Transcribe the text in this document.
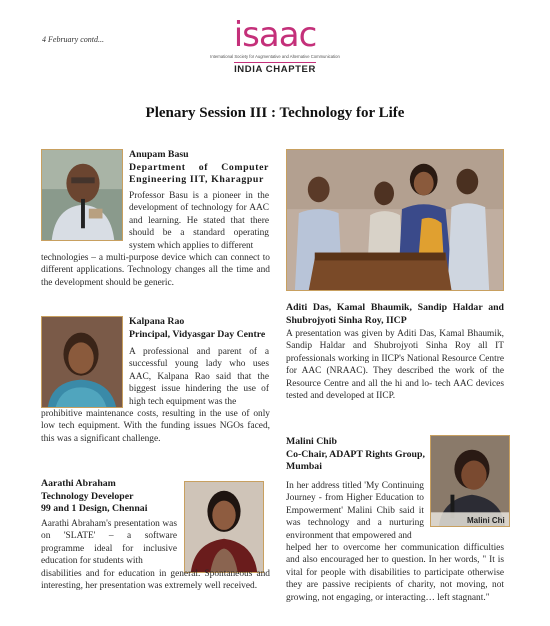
4 February contd...	isaac
International Society for Augmentative and Alternative Communication
INDIA CHAPTER
Plenary Session III : Technology for Life
Anupam Basu
Department of Computer Engineering IIT, Kharagpur
Professor Basu is a pioneer in the development of technology for AAC and learning. He stated that there should be a standard operating system which applies to different
technologies – a multi-purpose device which can connect to different applications. Technology changes all the time and the development should be generic.
Kalpana Rao
Principal, Vidyasgar Day Centre
A professional and parent of a successful young lady who uses AAC, Kalpana Rao said that the biggest issue hindering the use of high tech equipment was the
prohibitive maintenance costs, resulting in the use of only low tech equipment. With the funding issues NGOs faced, this was a significant challenge.
Aarathi Abraham
Technology Developer
99 and 1 Design, Chennai
Aarathi Abraham's presentation was on 'SLATE' – a software programme ideal for inclusive education for students with
disabilities and for education in general. Spontaneous and interesting, her presentation was extremely well received.
Aditi Das, Kamal Bhaumik, Sandip Haldar and Shubrojyoti Sinha Roy, IICP
A presentation was given by Aditi Das, Kamal Bhaumik, Sandip Haldar and Shubrojyoti Sinha Roy all IT professionals working in IICP's National Resource Centre for AAC (NRAAC). They described the work of the Resource Centre and all the hi and lo- tech AAC devices tested and developed at IICP.
Malini Chib
Co-Chair, ADAPT Rights Group,
Mumbai
Malini Chi
In her address titled 'My Continuing Journey - from Higher Education to Empowerment' Malini Chib said it was technology and a nurturing environment that empowered and
helped her to overcome her communication difficulties and also encouraged her to question. In her words, " It is vital for people with disabilities to participate otherwise they are passive recipients of charity, not moving, not growing, not engaging, or interacting… left stagnant."
